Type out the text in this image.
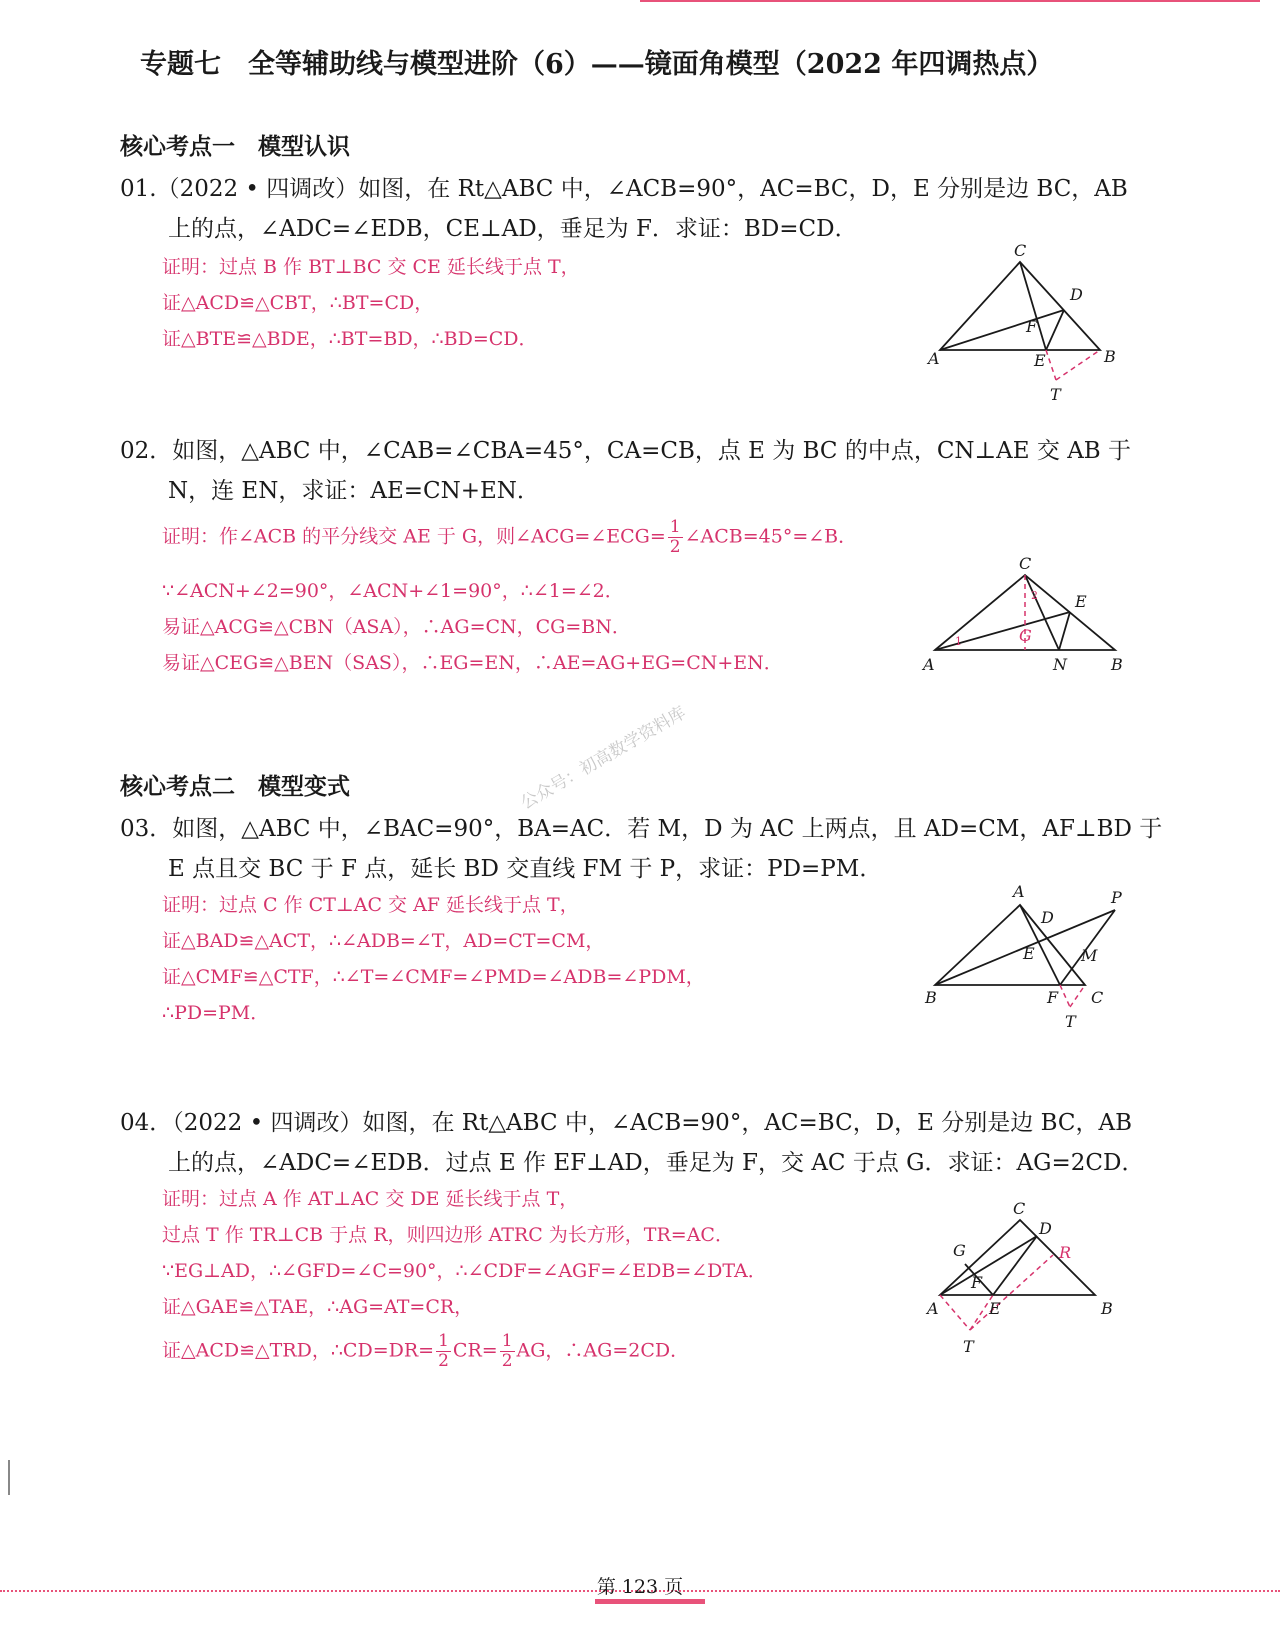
专题七　全等辅助线与模型进阶（6）——镜面角模型（2022 年四调热点）
核心考点一　模型认识
01.（2022 • 四调改）如图，在 Rt△ABC 中，∠ACB=90°，AC=BC，D，E 分别是边 BC，AB
上的点，∠ADC=∠EDB，CE⊥AD，垂足为 F．求证：BD=CD．
证明：过点 B 作 BT⊥BC 交 CE 延长线于点 T，
证△ACD≌△CBT，∴BT=CD，
证△BTE≌△BDE，∴BT=BD，∴BD=CD．
C
D
F
A	E	B
T
02．如图，△ABC 中，∠CAB=∠CBA=45°，CA=CB，点 E 为 BC 的中点，CN⊥AE 交 AB 于
N，连 EN，求证：AE=CN+EN．
证明：作∠ACB 的平分线交 AE 于 G，则∠ACG=∠ECG= $\frac{1}{2}$ ∠ACB=45°=∠B．
∵∠ACN+∠2=90°，∠ACN+∠1=90°，∴∠1=∠2．
易证△ACG≌△CBN（ASA），∴AG=CN，CG=BN．
易证△CEG≌△BEN（SAS），∴EG=EN，∴AE=AG+EG=CN+EN．
C
2 E
1	G
A	N	B
公众号：初高数学资料库
核心考点二　模型变式
03．如图，△ABC 中，∠BAC=90°，BA=AC．若 M，D 为 AC 上两点，且 AD=CM，AF⊥BD 于
E 点且交 BC 于 F 点，延长 BD 交直线 FM 于 P，求证：PD=PM．
证明：过点 C 作 CT⊥AC 交 AF 延长线于点 T，
证△BAD≌△ACT，∴∠ADB=∠T，AD=CT=CM，
证△CMF≌△CTF，∴∠T=∠CMF=∠PMD=∠ADB=∠PDM，
∴PD=PM．
A	P
D
E	M
B	F C
T
04．（2022 • 四调改）如图，在 Rt△ABC 中，∠ACB=90°，AC=BC，D，E 分别是边 BC，AB
上的点，∠ADC=∠EDB．过点 E 作 EF⊥AD，垂足为 F，交 AC 于点 G．求证：AG=2CD．
证明：过点 A 作 AT⊥AC 交 DE 延长线于点 T，
过点 T 作 TR⊥CB 于点 R，则四边形 ATRC 为长方形，TR=AC．
∵EG⊥AD，∴∠GFD=∠C=90°，∴∠CDF=∠AGF=∠EDB=∠DTA．
证△GAE≌△TAE，∴AG=AT=CR，
证△ACD≌△TRD，∴CD=DR= $\frac{1}{2} CR= \frac{1}{2}$ AG，∴AG=2CD．
C
D
G	R
F
A	E	B
T
第 123 页
